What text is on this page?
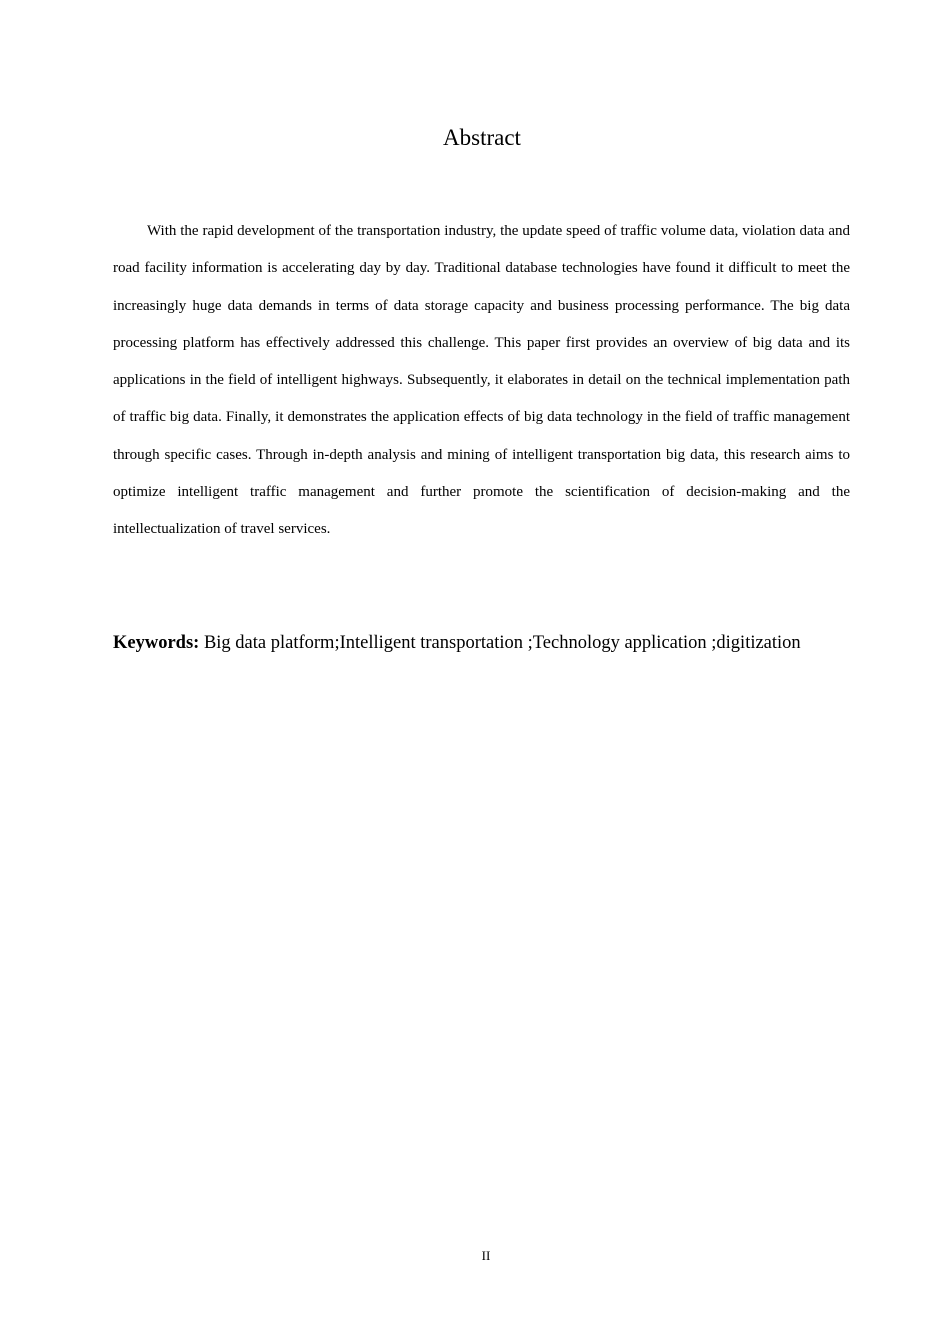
Abstract

With the rapid development of the transportation industry, the update speed of traffic volume data, violation data and road facility information is accelerating day by day. Traditional database technologies have found it difficult to meet the increasingly huge data demands in terms of data storage capacity and business processing performance. The big data processing platform has effectively addressed this challenge. This paper first provides an overview of big data and its applications in the field of intelligent highways. Subsequently, it elaborates in detail on the technical implementation path of traffic big data. Finally, it demonstrates the application effects of big data technology in the field of traffic management through specific cases. Through in-depth analysis and mining of intelligent transportation big data, this research aims to optimize intelligent traffic management and further promote the scientification of decision-making and the intellectualization of travel services.

Keywords: Big data platform;Intelligent transportation ;Technology application ;digitization

II
